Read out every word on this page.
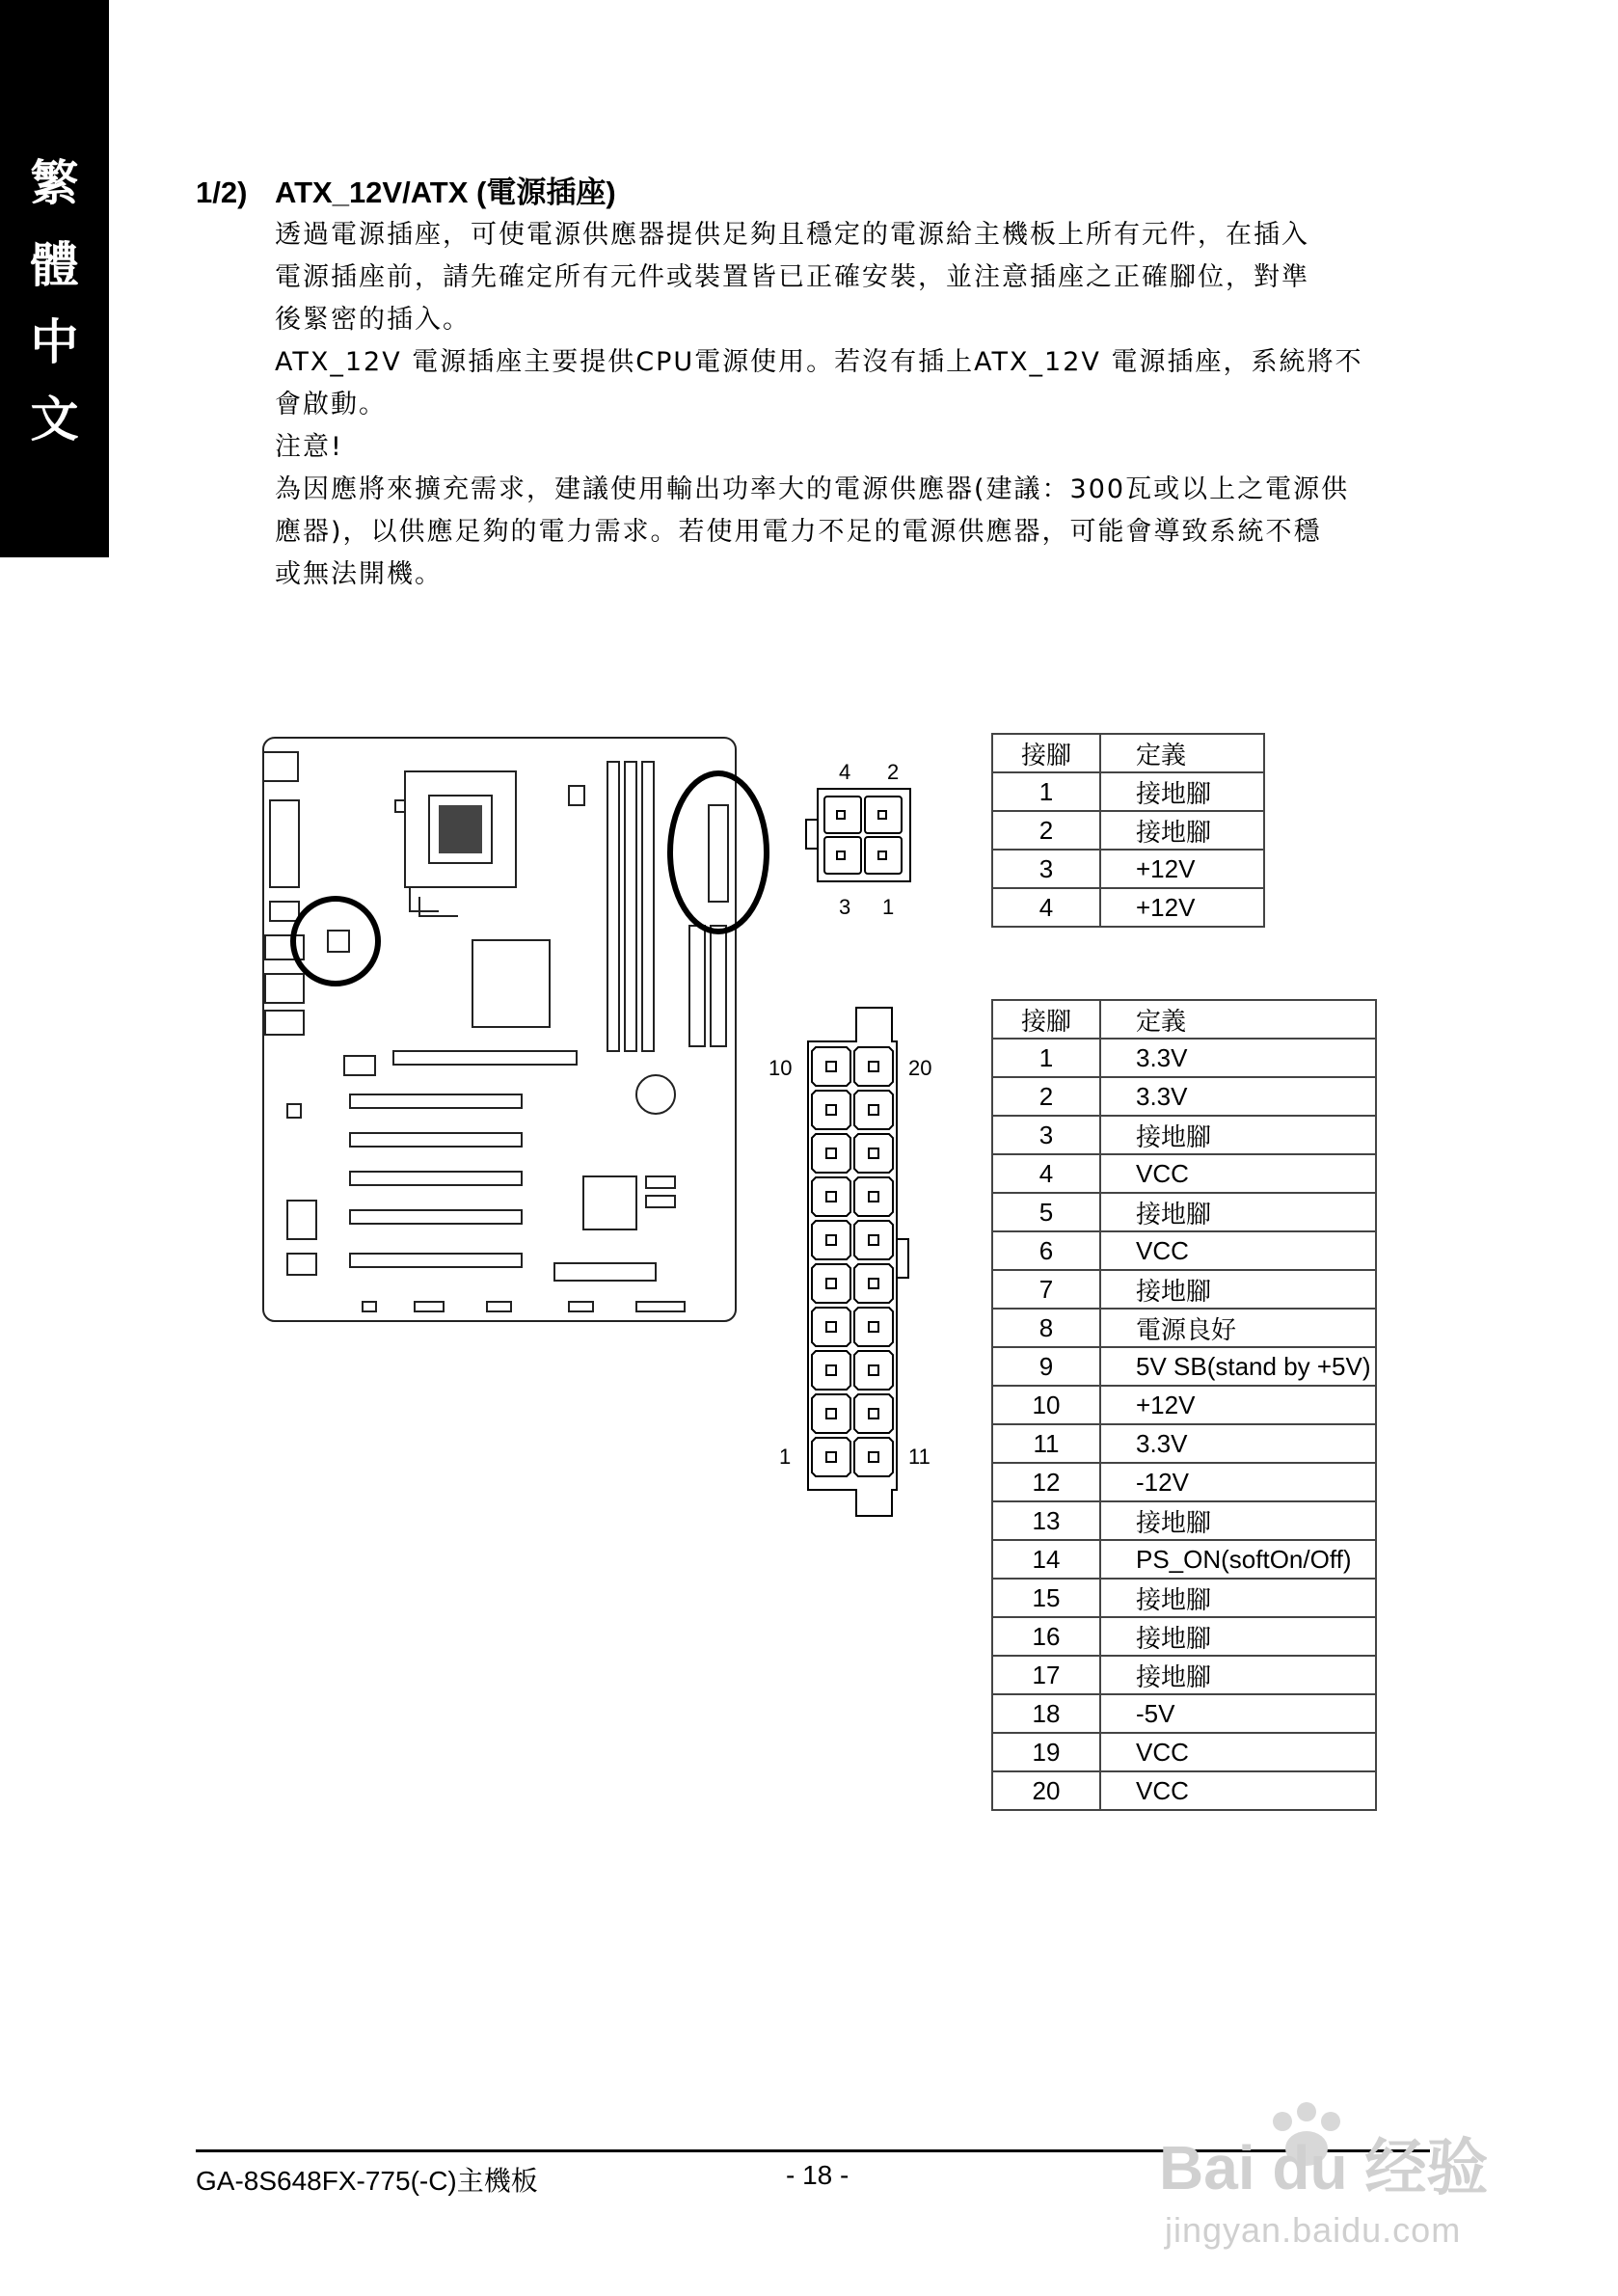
繁
體
中
文
1/2) ATX_12V/ATX (電源插座)
透過電源插座，可使電源供應器提供足夠且穩定的電源給主機板上所有元件，在插入
電源插座前，請先確定所有元件或裝置皆已正確安裝，並注意插座之正確腳位，對準
後緊密的插入。
ATX_12V 電源插座主要提供CPU電源使用。若沒有插上ATX_12V 電源插座，系統將不
會啟動。
注意!
為因應將來擴充需求，建議使用輸出功率大的電源供應器(建議：300瓦或以上之電源供
應器)，以供應足夠的電力需求。若使用電力不足的電源供應器，可能會導致系統不穩
或無法開機。
4 2
3 1
10	20
1	11
接腳	定義
1	接地腳
2	接地腳
3	+12V
4	+12V
接腳	定義
1	3.3V
2	3.3V
3	接地腳
4	VCC
5	接地腳
6	VCC
7	接地腳
8	電源良好
9	5V SB(stand by +5V)
10	+12V
11	3.3V
12	-12V
13	接地腳
14	PS_ON(softOn/Off)
15	接地腳
16	接地腳
17	接地腳
18	-5V
19	VCC
20	VCC
GA-8S648FX-775(-C)主機板	- 18 -	Bai du 经验
jingyan.baidu.com
